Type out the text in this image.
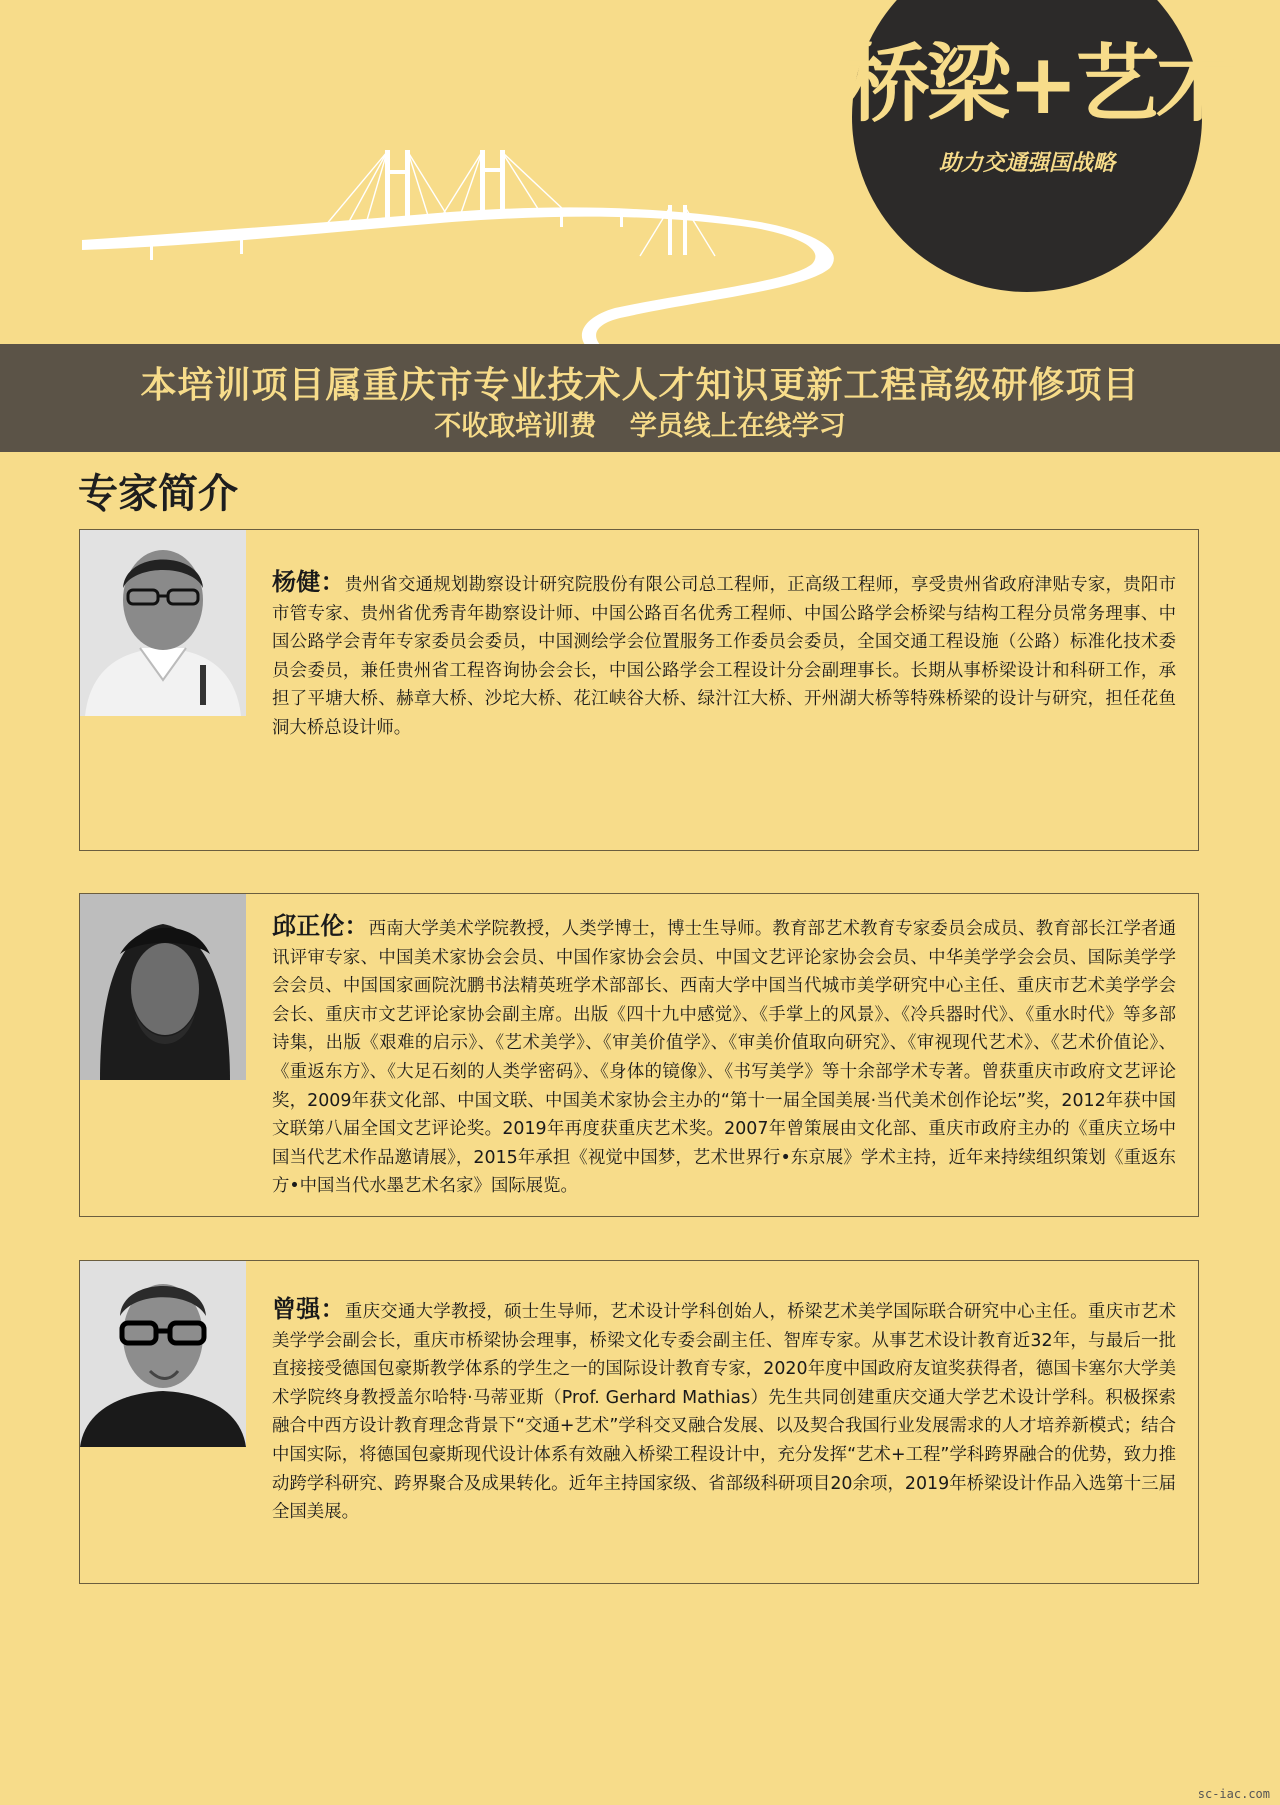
桥梁+艺术
助力交通强国战略
本培训项目属重庆市专业技术人才知识更新工程高级研修项目
不收取培训费 学员线上在线学习
专家简介

杨健：贵州省交通规划勘察设计研究院股份有限公司总工程师，正高级工程师，享受贵州省政府津贴专家，贵阳市市管专家、贵州省优秀青年勘察设计师、中国公路百名优秀工程师、中国公路学会桥梁与结构工程分员常务理事、中国公路学会青年专家委员会委员，中国测绘学会位置服务工作委员会委员，全国交通工程设施（公路）标准化技术委员会委员，兼任贵州省工程咨询协会会长，中国公路学会工程设计分会副理事长。长期从事桥梁设计和科研工作，承担了平塘大桥、赫章大桥、沙坨大桥、花江峡谷大桥、绿汁江大桥、开州湖大桥等特殊桥梁的设计与研究，担任花鱼洞大桥总设计师。

邱正伦：西南大学美术学院教授，人类学博士，博士生导师。教育部艺术教育专家委员会成员、教育部长江学者通讯评审专家、中国美术家协会会员、中国作家协会会员、中国文艺评论家协会会员、中华美学学会会员、国际美学学会会员、中国国家画院沈鹏书法精英班学术部部长、西南大学中国当代城市美学研究中心主任、重庆市艺术美学学会会长、重庆市文艺评论家协会副主席。出版《四十九中感觉》、《手掌上的风景》、《冷兵器时代》、《重水时代》等多部诗集，出版《艰难的启示》、《艺术美学》、《审美价值学》、《审美价值取向研究》、《审视现代艺术》、《艺术价值论》、《重返东方》、《大足石刻的人类学密码》、《身体的镜像》、《书写美学》等十余部学术专著。曾获重庆市政府文艺评论奖，2009年获文化部、中国文联、中国美术家协会主办的“第十一届全国美展·当代美术创作论坛”奖，2012年获中国文联第八届全国文艺评论奖。2019年再度获重庆艺术奖。2007年曾策展由文化部、重庆市政府主办的《重庆立场中国当代艺术作品邀请展》，2015年承担《视觉中国梦，艺术世界行•东京展》学术主持，近年来持续组织策划《重返东方•中国当代水墨艺术名家》国际展览。

曾强：重庆交通大学教授，硕士生导师，艺术设计学科创始人，桥梁艺术美学国际联合研究中心主任。重庆市艺术美学学会副会长，重庆市桥梁协会理事，桥梁文化专委会副主任、智库专家。从事艺术设计教育近32年，与最后一批直接接受德国包豪斯教学体系的学生之一的国际设计教育专家，2020年度中国政府友谊奖获得者，德国卡塞尔大学美术学院终身教授盖尔哈特·马蒂亚斯（Prof. Gerhard Mathias）先生共同创建重庆交通大学艺术设计学科。积极探索融合中西方设计教育理念背景下“交通+艺术”学科交叉融合发展、以及契合我国行业发展需求的人才培养新模式；结合中国实际，将德国包豪斯现代设计体系有效融入桥梁工程设计中，充分发挥“艺术+工程”学科跨界融合的优势，致力推动跨学科研究、跨界聚合及成果转化。近年主持国家级、省部级科研项目20余项，2019年桥梁设计作品入选第十三届全国美展。

sc-iac.com
